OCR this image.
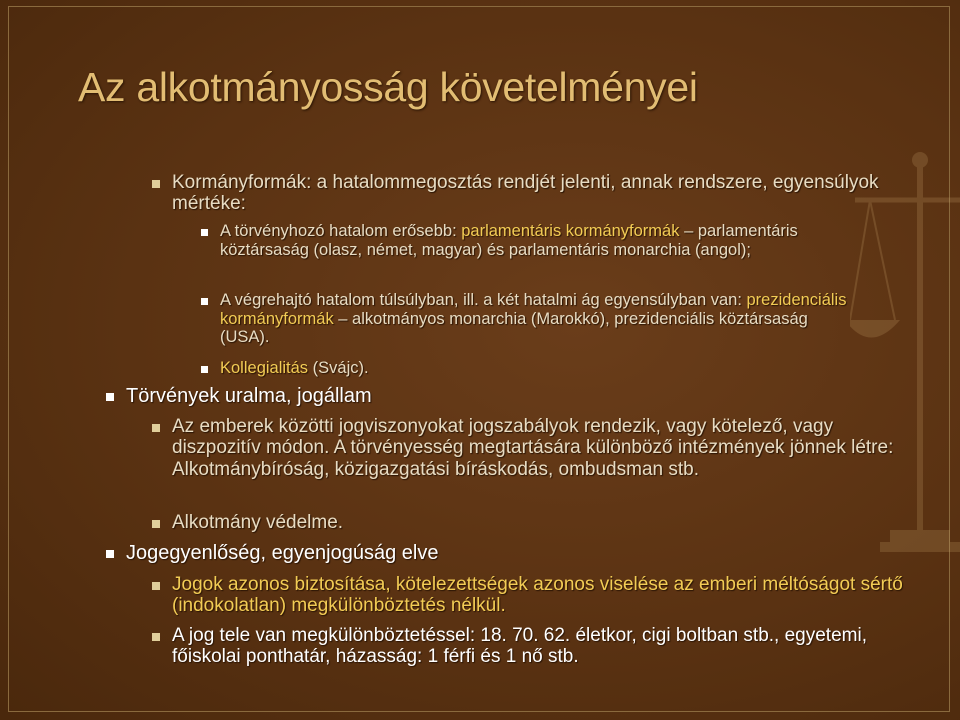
Az alkotmányosság követelményei
Kormányformák: a hatalommegosztás rendjét jelenti, annak rendszere, egyensúlyok mértéke:
A törvényhozó hatalom erősebb: parlamentáris kormányformák – parlamentáris köztársaság (olasz, német, magyar) és parlamentáris monarchia (angol);
A végrehajtó hatalom túlsúlyban, ill. a két hatalmi ág egyensúlyban van: prezidenciális kormányformák – alkotmányos monarchia (Marokkó), prezidenciális köztársaság (USA).
Kollegialitás (Svájc).
Törvények uralma, jogállam
Az emberek közötti jogviszonyokat jogszabályok rendezik, vagy kötelező, vagy diszpozitív módon. A törvényesség megtartására különböző intézmények jönnek létre: Alkotmánybíróság, közigazgatási bíráskodás, ombudsman stb.
Alkotmány védelme.
Jogegyenlőség, egyenjogúság elve
Jogok azonos biztosítása, kötelezettségek azonos viselése az emberi méltóságot sértő (indokolatlan) megkülönböztetés nélkül.
A jog tele van megkülönböztetéssel: 18. 70. 62. életkor, cigi boltban stb., egyetemi, főiskolai ponthatár, házasság: 1 férfi és 1 nő stb.
